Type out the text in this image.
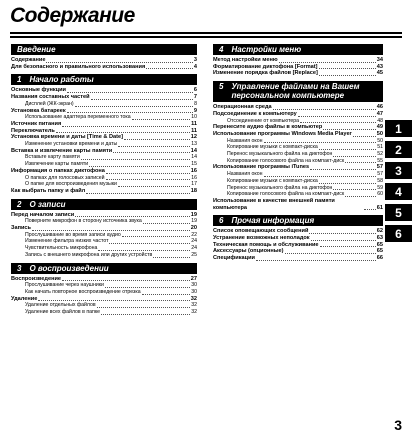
Содержание
Введение
Содержание	3
Для безопасного и правильного использования	4
1 Начало работы
Основные функции	6
Названия составных частей	7
Дисплей (ЖК-экран)	8
Установка батареек	9
Использование адаптера переменного тока	10
Источник питания	11
Переключатель	11
Установка времени и даты [Time & Date]	12
Изменение установки времени и даты	13
Вставка и извлечение карты памяти	14
Вставьте карту памяти	14
Извлечение карты памяти	15
Информация о папках диктофона	16
О папках для голосовых записей	16
О папке для воспроизведения музыки	17
Как выбрать папку и файл	18
2 О записи
Перед началом записи	19
Поверните микрофон в сторону источника звука	19
Запись	20
Прослушивание во время записи аудио	22
Изменение фильтра низких частот	24
Чувствительность микрофона	24
Запись с внешнего микрофона или других устройств	25
3 О воспроизведении
Воспроизведение	27
Прослушивание через наушники	30
Как начать повторное воспроизведение отрезка	30
Удаление	32
Удаление отдельных файлов	32
Удаление всех файлов в папке	32
4 Настройки меню
Метод настройки меню	34
Форматирование диктофона [Format]	43
Изменение порядка файлов [Replace]	45
5 Управление файлами на Вашем
персональном компьютере
Операционная среда	46
Подсоединение к компьютеру	47
Отсоединение от компьютера	48
Перенесите аудио файлы в компьютер	49
Использование программы Windows Media Player	50
Названия окон	50
Копирование музыки с компакт-диска	51
Перенос музыкального файла на диктофон	52
Копирование голосового файла на компакт-диск	55
Использование программы iTunes	57
Названия окон	57
Копирование музыки с компакт-диска	58
Перенос музыкального файла на диктофон	59
Копирование голосового файла на компакт-диск	60
Использование в качестве внешней памяти компьютера	61
6 Прочая информация
Список оповещающих сообщений	62
Устранение возможных неполадок	63
Техническая помощь и обслуживание	65
Аксессуары (опционные)	65
Спецификации	66
1
2
3
4
5
6
3
